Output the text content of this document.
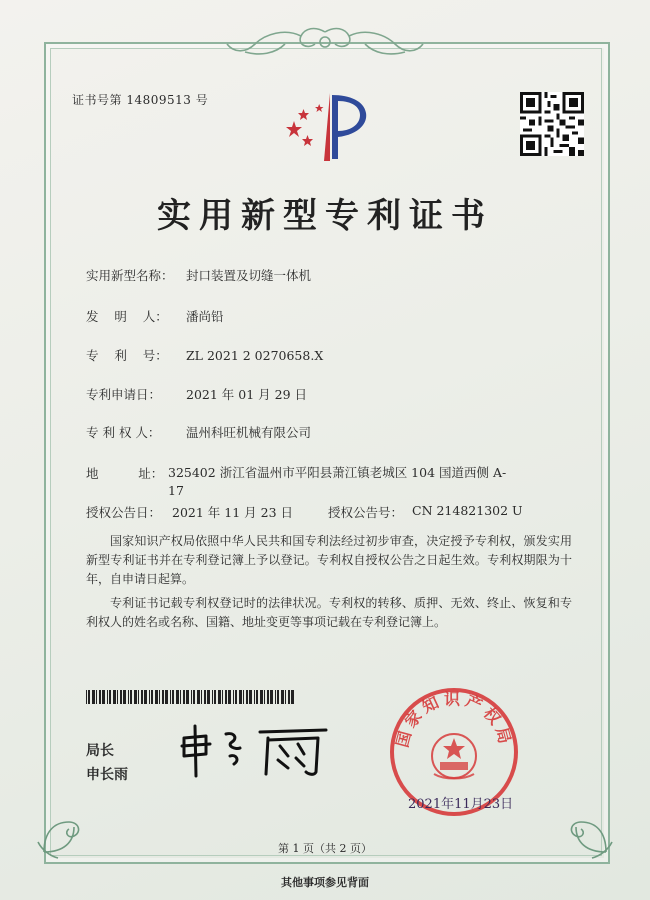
证书号第 14809513 号
实用新型专利证书
实用新型名称： 封口装置及切缝一体机
发    明    人： 潘尚铅
专    利    号： ZL 2021 2 0270658.X
专利申请日： 2021 年 01 月 29 日
专 利 权 人： 温州科旺机械有限公司
地          址： 325402 浙江省温州市平阳县萧江镇老城区 104 国道西侧 A-17
授权公告日： 2021 年 11 月 23 日	授权公告号： CN 214821302 U
国家知识产权局依照中华人民共和国专利法经过初步审查，决定授予专利权，颁发实用新型专利证书并在专利登记簿上予以登记。专利权自授权公告之日起生效。专利权期限为十年，自申请日起算。
专利证书记载专利权登记时的法律状况。专利权的转移、质押、无效、终止、恢复和专利权人的姓名或名称、国籍、地址变更等事项记载在专利登记簿上。
局长
申长雨
国家知识产权局
2021年11月23日
第 1 页（共 2 页）
其他事项参见背面
